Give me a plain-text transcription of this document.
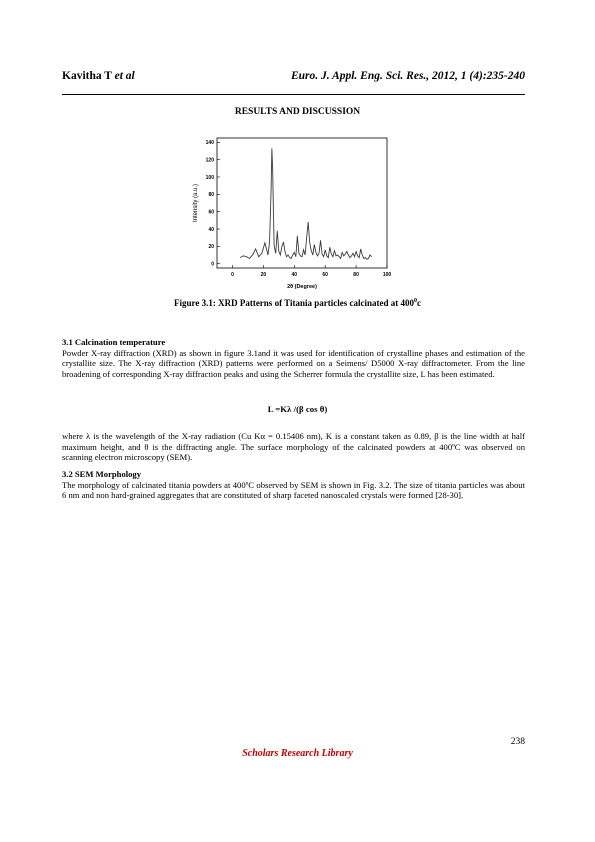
Kavitha T et al	Euro. J. Appl. Eng. Sci. Res., 2012, 1 (4):235-240
RESULTS AND DISCUSSION
0
20
40
60
80
100
120
140
0	20	40	60	80	100
2θ (Degree)
Intensity (a.u.)
Figure 3.1: XRD Patterns of Titania particles calcinated at $400^0c$
3.1 Calcination temperature
Powder X-ray diffraction (XRD) as shown in figure 3.1and it was used for identification of crystalline phases and estimation of the crystallite size. The X-ray diffraction (XRD) patterns were performed on a Seimens/ D5000 X-ray diffractometer. From the line broadening of corresponding X-ray diffraction peaks and using the Scherrer formula the crystallite size, L has been estimated.
L =Kλ /(β cos θ)
where λ is the wavelength of the X-ray radiation (Cu Kα = 0.15406 nm), K is a constant taken as 0.89, β is the line width at half maximum height, and θ is the diffracting angle. The surface morphology of the calcinated powders at 400ºC was observed on scanning electron microscopy (SEM).
3.2 SEM Morphology
The morphology of calcinated titania powders at 400ºC observed by SEM is shown in Fig. 3.2. The size of titania particles was about 6 nm and non hard-grained aggregates that are constituted of sharp faceted nanoscaled crystals were formed [28-30].
238
Scholars Research Library
